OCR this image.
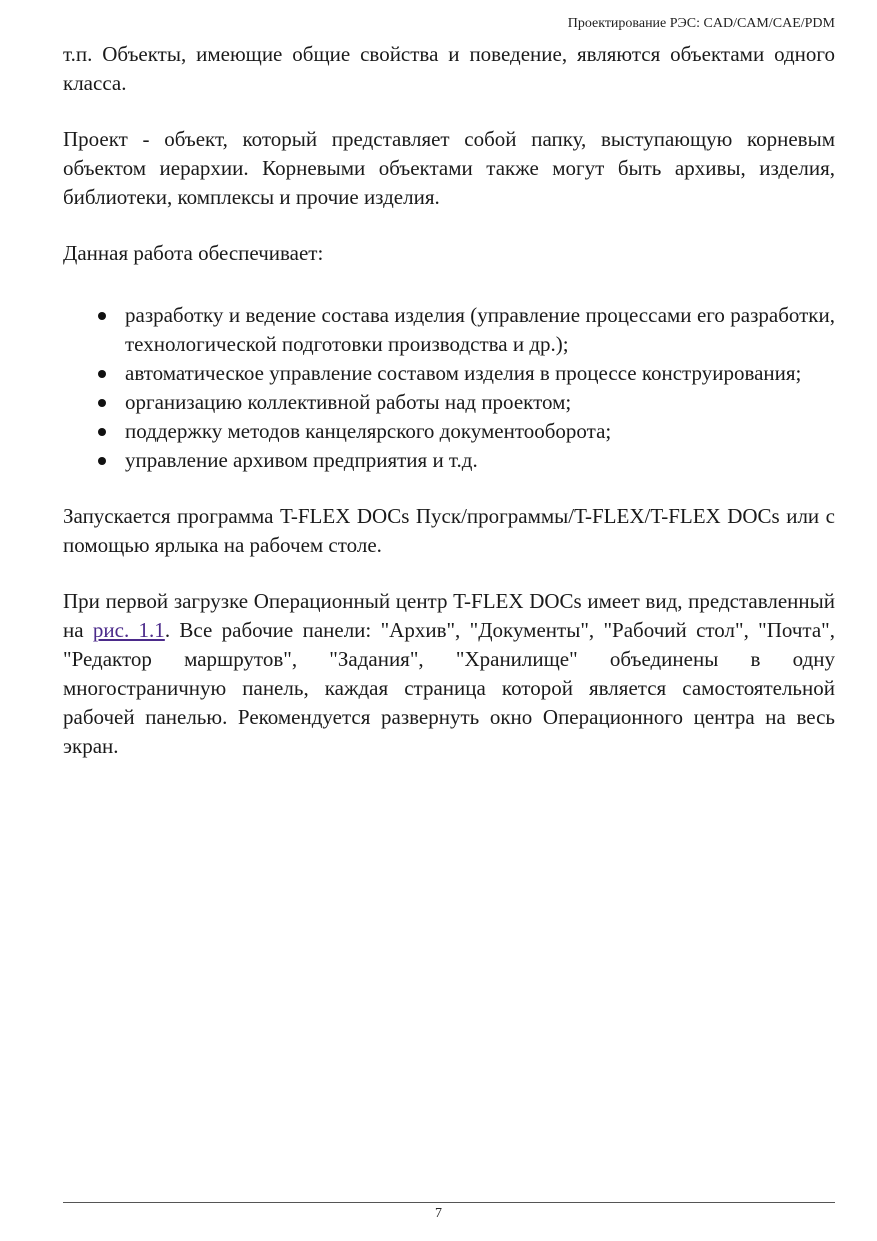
Проектирование РЭС: CAD/CAM/CAE/PDM

т.п. Объекты, имеющие общие свойства и поведение, являются объектами одного класса.

Проект - объект, который представляет собой папку, выступающую корневым объектом иерархии. Корневыми объектами также могут быть архивы, изделия, библиотеки, комплексы и прочие изделия.

Данная работа обеспечивает:

разработку и ведение состава изделия (управление процессами его разработки, технологической подготовки производства и др.);
автоматическое управление составом изделия в процессе конструирования;
организацию коллективной работы над проектом;
поддержку методов канцелярского документооборота;
управление архивом предприятия и т.д.

Запускается программа T-FLEX DOCs Пуск/программы/T-FLEX/T-FLEX DOCs или с помощью ярлыка на рабочем столе.

При первой загрузке Операционный центр T-FLEX DOCs имеет вид, представленный на рис. 1.1. Все рабочие панели: "Архив", "Документы", "Рабочий стол", "Почта", "Редактор маршрутов", "Задания", "Хранилище" объединены в одну многостраничную панель, каждая страница которой является самостоятельной рабочей панелью. Рекомендуется развернуть окно Операционного центра на весь экран.

7
